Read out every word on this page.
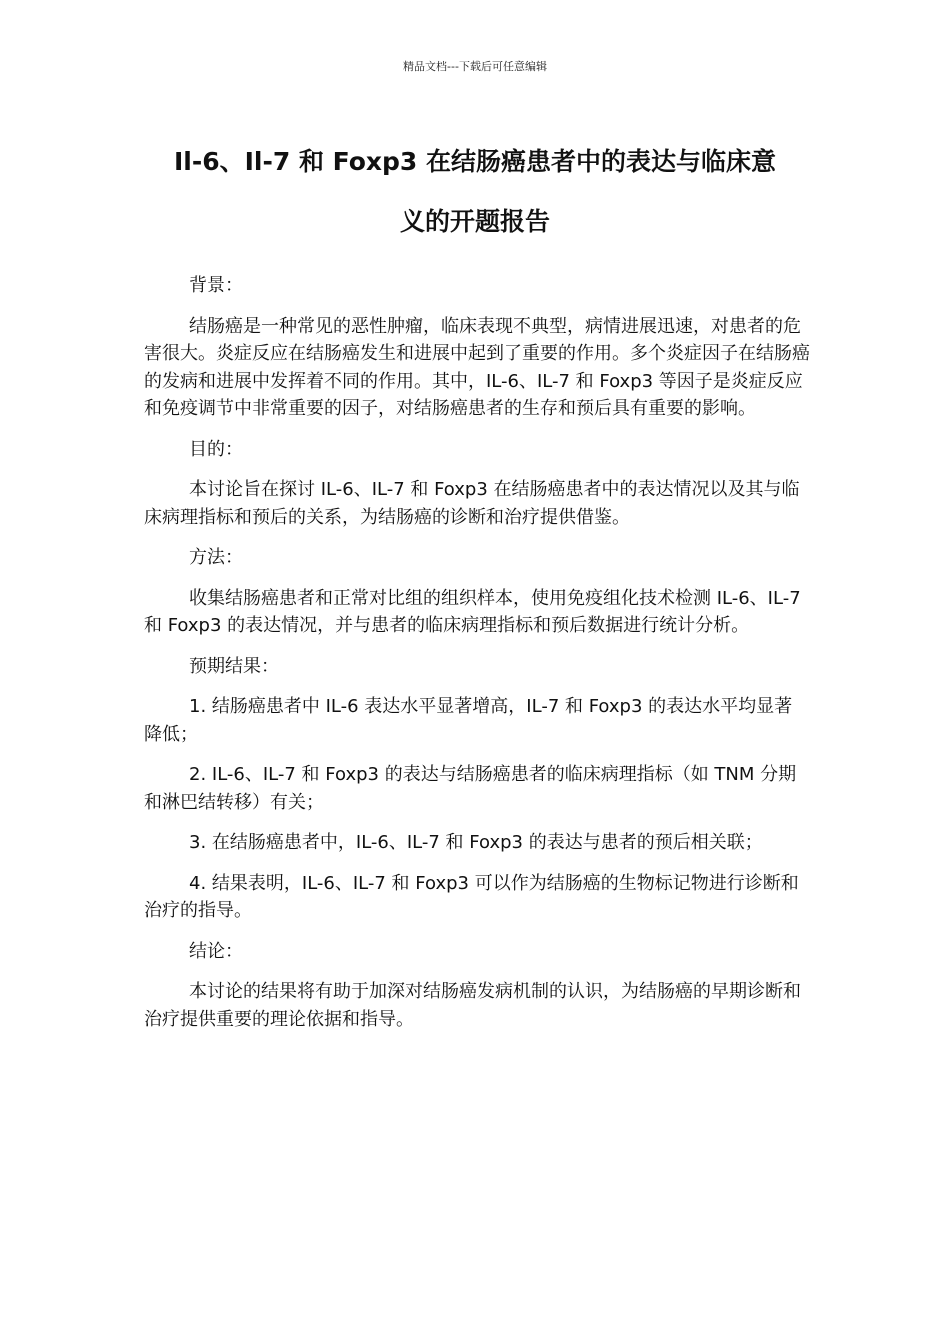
精品文档---下载后可任意编辑
Il-6、Il-7 和 Foxp3 在结肠癌患者中的表达与临床意
义的开题报告

背景：

结肠癌是一种常见的恶性肿瘤，临床表现不典型，病情进展迅速，对患者的危害很大。炎症反应在结肠癌发生和进展中起到了重要的作用。多个炎症因子在结肠癌的发病和进展中发挥着不同的作用。其中，IL-6、IL-7 和 Foxp3 等因子是炎症反应和免疫调节中非常重要的因子，对结肠癌患者的生存和预后具有重要的影响。

目的：

本讨论旨在探讨 IL-6、IL-7 和 Foxp3 在结肠癌患者中的表达情况以及其与临床病理指标和预后的关系，为结肠癌的诊断和治疗提供借鉴。

方法：

收集结肠癌患者和正常对比组的组织样本，使用免疫组化技术检测 IL-6、IL-7 和 Foxp3 的表达情况，并与患者的临床病理指标和预后数据进行统计分析。

预期结果：

1. 结肠癌患者中 IL-6 表达水平显著增高，IL-7 和 Foxp3 的表达水平均显著降低；

2. IL-6、IL-7 和 Foxp3 的表达与结肠癌患者的临床病理指标（如 TNM 分期和淋巴结转移）有关；

3. 在结肠癌患者中，IL-6、IL-7 和 Foxp3 的表达与患者的预后相关联；

4. 结果表明，IL-6、IL-7 和 Foxp3 可以作为结肠癌的生物标记物进行诊断和治疗的指导。

结论：

本讨论的结果将有助于加深对结肠癌发病机制的认识，为结肠癌的早期诊断和治疗提供重要的理论依据和指导。
